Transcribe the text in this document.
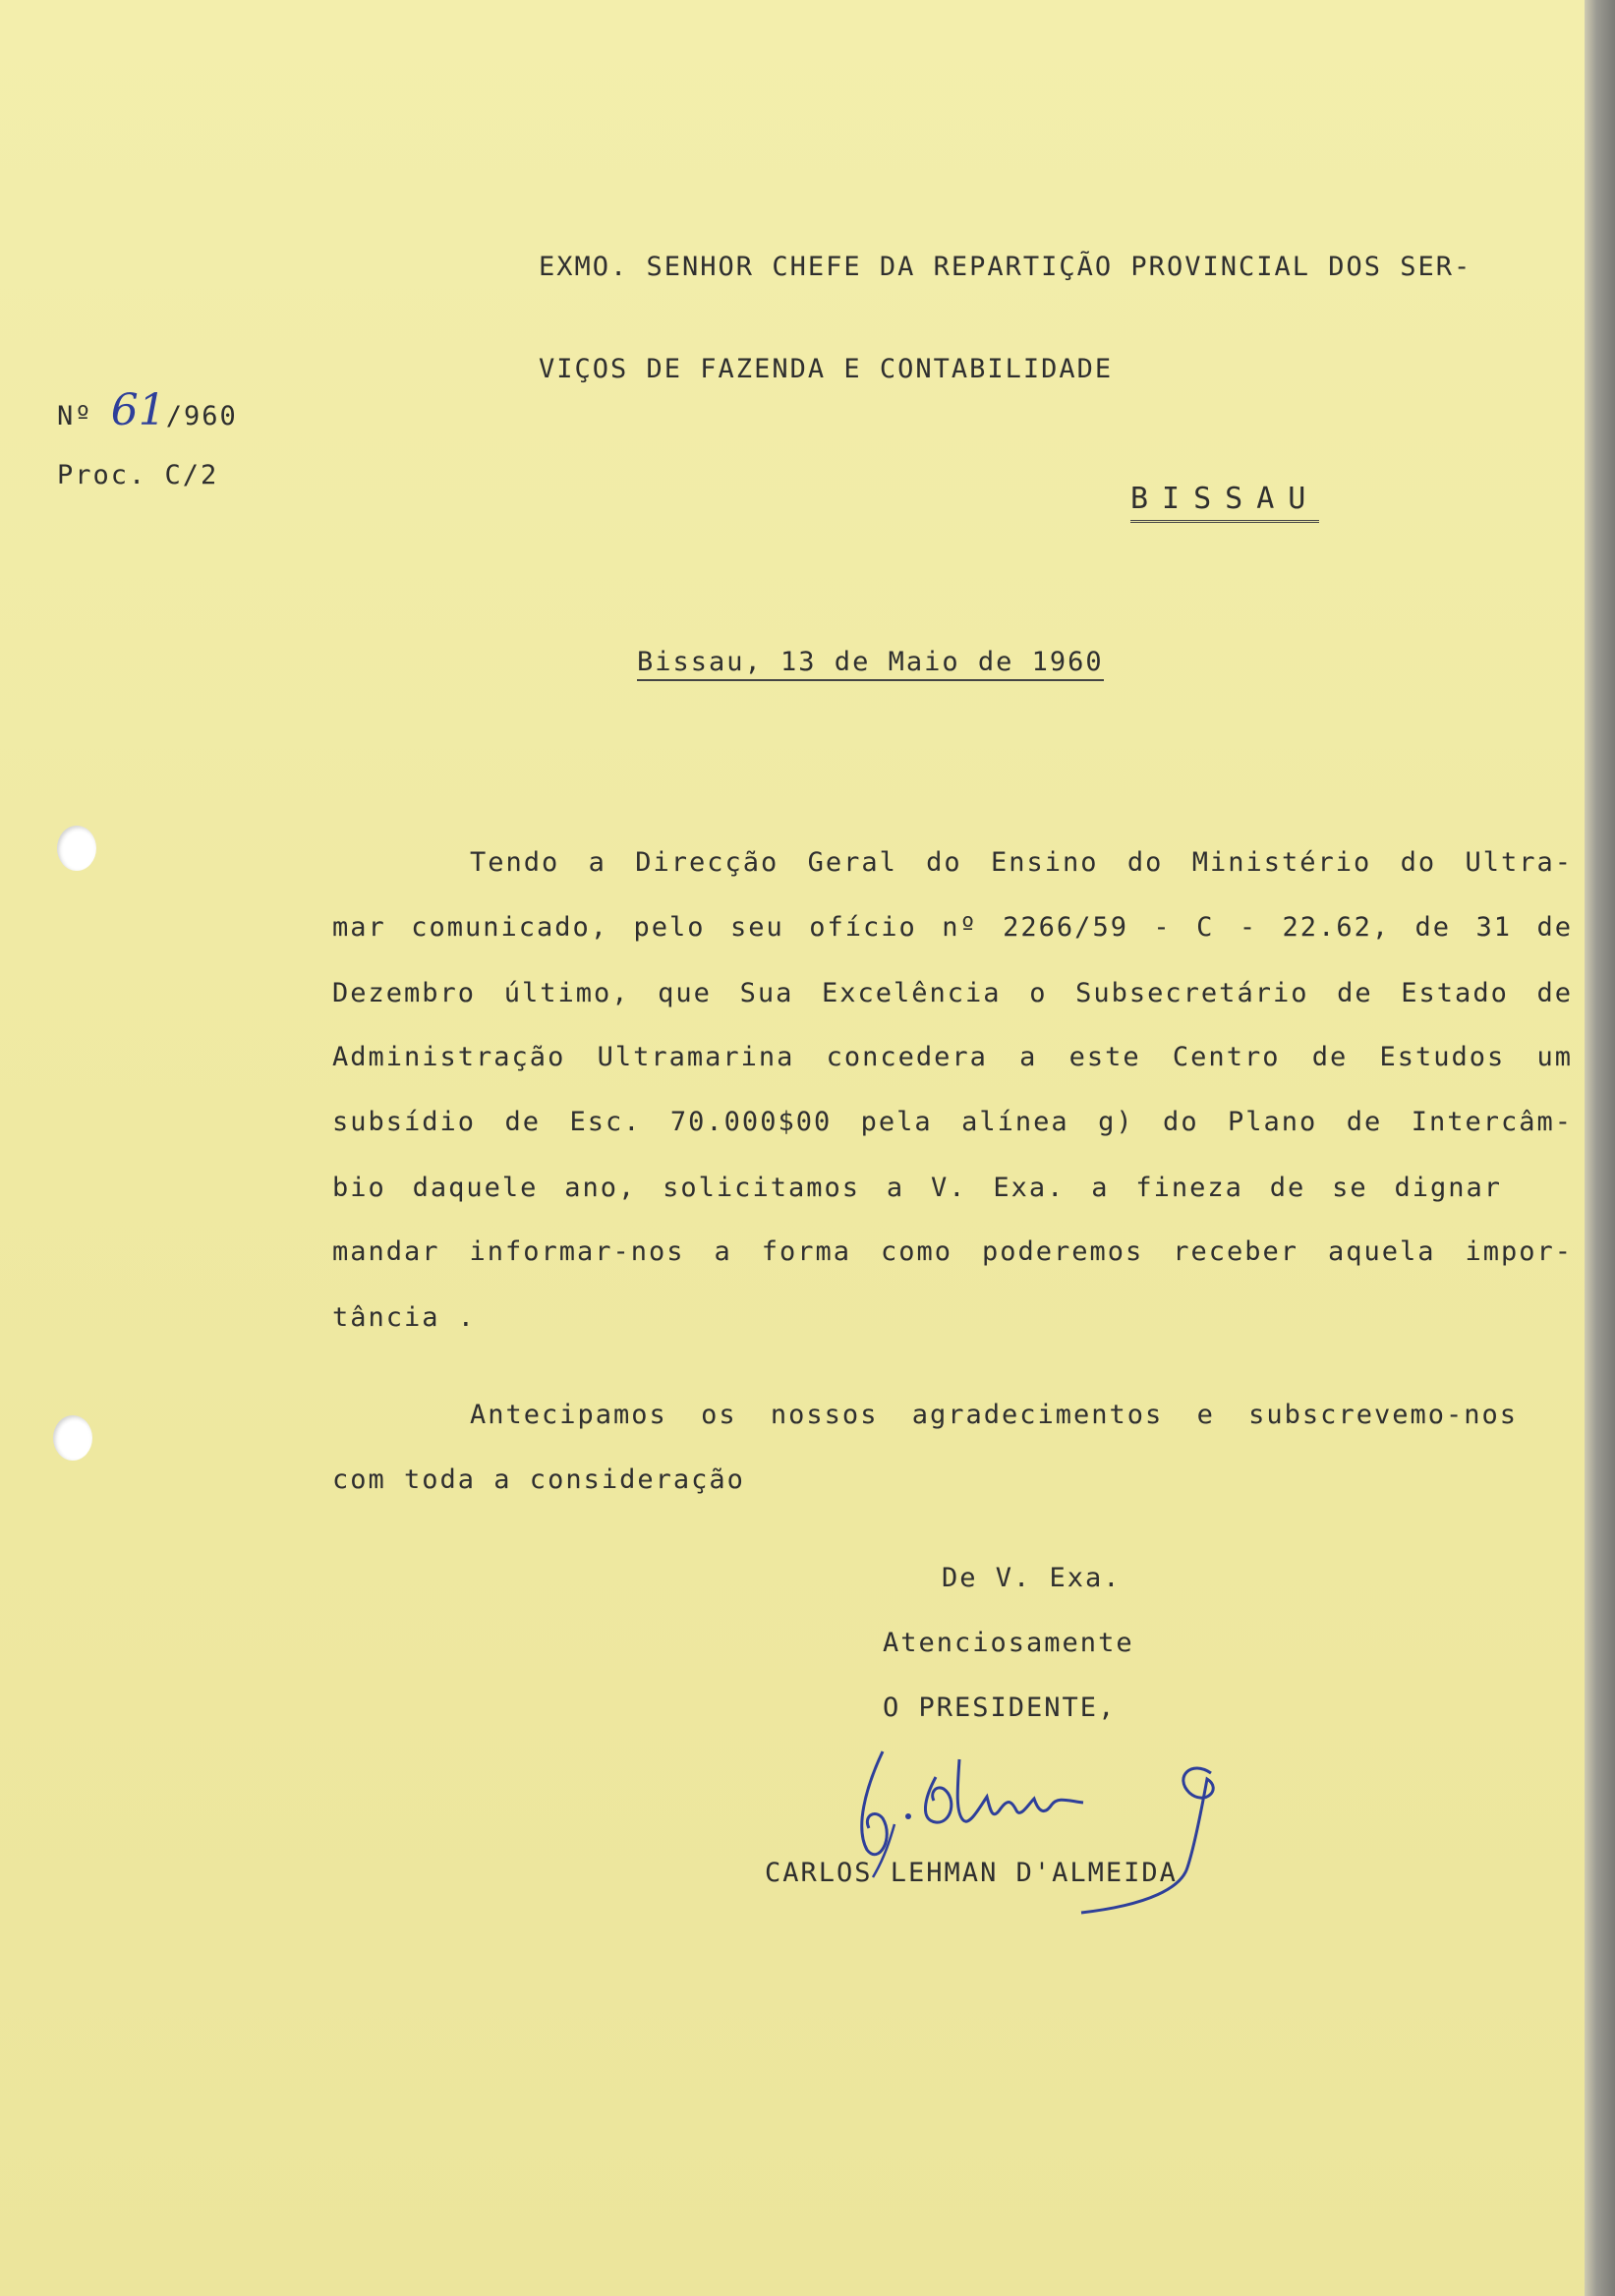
EXMO. SENHOR CHEFE DA REPARTIÇÃO PROVINCIAL DOS SER-
VIÇOS DE FAZENDA E CONTABILIDADE
Nº 61/960
Proc. C/2
BISSAU
Bissau, 13 de Maio de 1960
Tendo a Direcção Geral do Ensino do Ministério do Ultra-
mar comunicado, pelo seu ofício nº 2266/59 - C - 22.62, de 31 de
Dezembro último, que Sua Excelência o Subsecretário de Estado de
Administração Ultramarina concedera a este Centro de Estudos um
subsídio de Esc. 70.000$00 pela alínea g) do Plano de Intercâm-
bio daquele ano, solicitamos a V. Exa. a fineza de se dignar
mandar informar-nos a forma como poderemos receber aquela impor-
tância .
Antecipamos os nossos agradecimentos e subscrevemo-nos
com toda a consideração
De V. Exa.
Atenciosamente
O PRESIDENTE,
CARLOS LEHMAN D'ALMEIDA
